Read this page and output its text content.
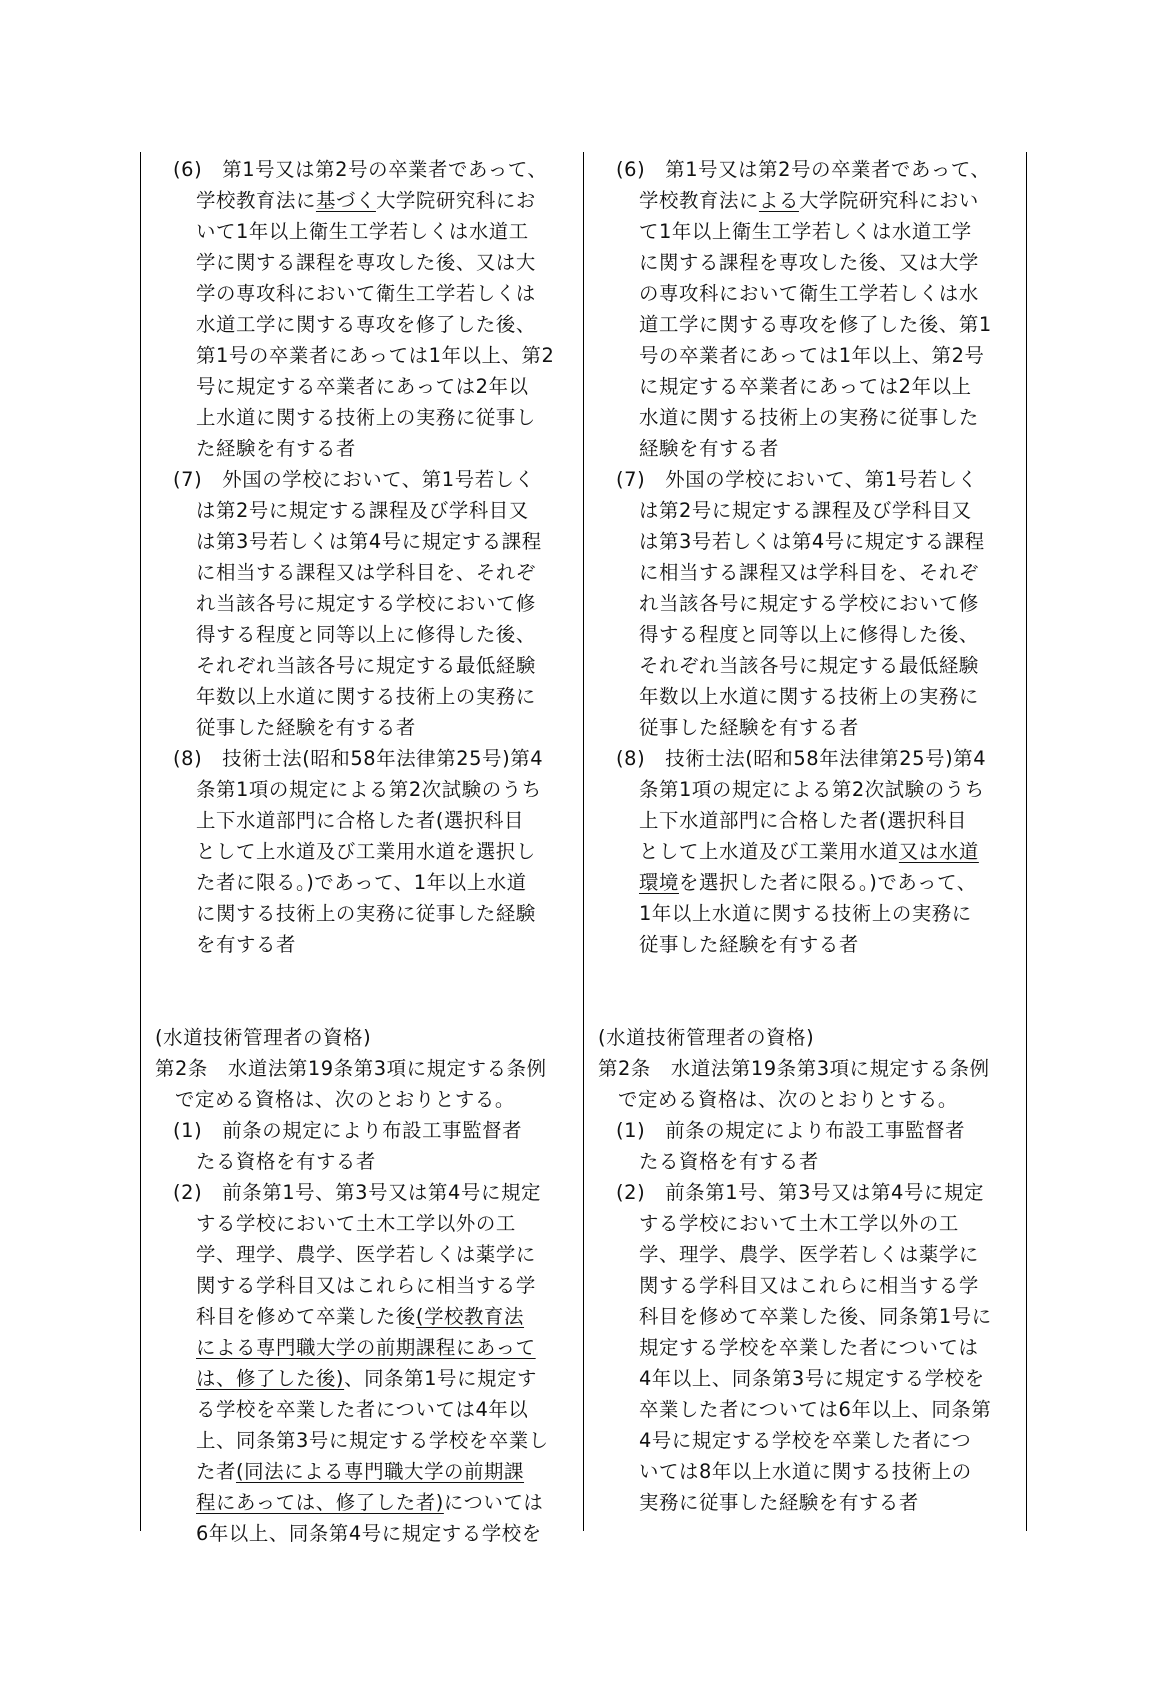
(6)　第1号又は第2号の卒業者であって、
学校教育法に基づく大学院研究科にお
いて1年以上衛生工学若しくは水道工
学に関する課程を専攻した後、又は大
学の専攻科において衛生工学若しくは
水道工学に関する専攻を修了した後、
第1号の卒業者にあっては1年以上、第2
号に規定する卒業者にあっては2年以
上水道に関する技術上の実務に従事し
た経験を有する者
(7)　外国の学校において、第1号若しく
は第2号に規定する課程及び学科目又
は第3号若しくは第4号に規定する課程
に相当する課程又は学科目を、それぞ
れ当該各号に規定する学校において修
得する程度と同等以上に修得した後、
それぞれ当該各号に規定する最低経験
年数以上水道に関する技術上の実務に
従事した経験を有する者
(8)　技術士法(昭和58年法律第25号)第4
条第1項の規定による第2次試験のうち
上下水道部門に合格した者(選択科目
として上水道及び工業用水道を選択し
た者に限る。)であって、1年以上水道
に関する技術上の実務に従事した経験
を有する者
(水道技術管理者の資格)
第2条　水道法第19条第3項に規定する条例
で定める資格は、次のとおりとする。
(1)　前条の規定により布設工事監督者
たる資格を有する者
(2)　前条第1号、第3号又は第4号に規定
する学校において土木工学以外の工
学、理学、農学、医学若しくは薬学に
関する学科目又はこれらに相当する学
科目を修めて卒業した後(学校教育法
による専門職大学の前期課程にあって
は、修了した後)、同条第1号に規定す
る学校を卒業した者については4年以
上、同条第3号に規定する学校を卒業し
た者(同法による専門職大学の前期課
程にあっては、修了した者)については
6年以上、同条第4号に規定する学校を
(6)　第1号又は第2号の卒業者であって、
学校教育法による大学院研究科におい
て1年以上衛生工学若しくは水道工学
に関する課程を専攻した後、又は大学
の専攻科において衛生工学若しくは水
道工学に関する専攻を修了した後、第1
号の卒業者にあっては1年以上、第2号
に規定する卒業者にあっては2年以上
水道に関する技術上の実務に従事した
経験を有する者
(7)　外国の学校において、第1号若しく
は第2号に規定する課程及び学科目又
は第3号若しくは第4号に規定する課程
に相当する課程又は学科目を、それぞ
れ当該各号に規定する学校において修
得する程度と同等以上に修得した後、
それぞれ当該各号に規定する最低経験
年数以上水道に関する技術上の実務に
従事した経験を有する者
(8)　技術士法(昭和58年法律第25号)第4
条第1項の規定による第2次試験のうち
上下水道部門に合格した者(選択科目
として上水道及び工業用水道又は水道
環境を選択した者に限る。)であって、
1年以上水道に関する技術上の実務に
従事した経験を有する者
(水道技術管理者の資格)
第2条　水道法第19条第3項に規定する条例
で定める資格は、次のとおりとする。
(1)　前条の規定により布設工事監督者
たる資格を有する者
(2)　前条第1号、第3号又は第4号に規定
する学校において土木工学以外の工
学、理学、農学、医学若しくは薬学に
関する学科目又はこれらに相当する学
科目を修めて卒業した後、同条第1号に
規定する学校を卒業した者については
4年以上、同条第3号に規定する学校を
卒業した者については6年以上、同条第
4号に規定する学校を卒業した者につ
いては8年以上水道に関する技術上の
実務に従事した経験を有する者
